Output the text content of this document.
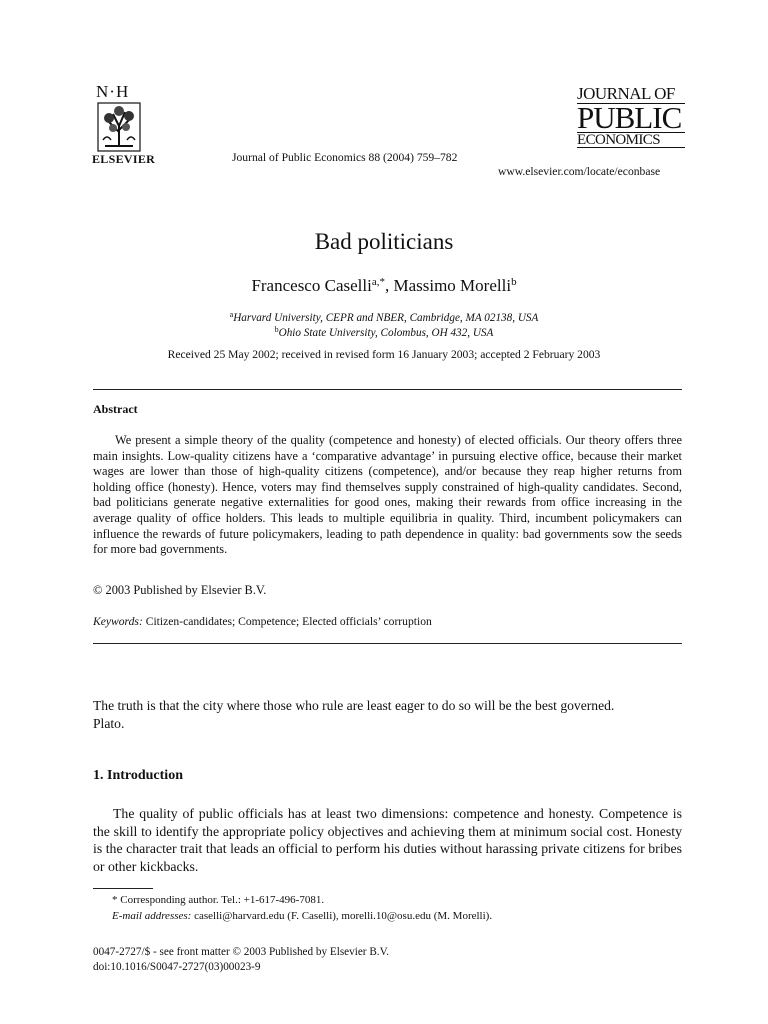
N·H
ELSEVIER	Journal of Public Economics 88 (2004) 759–782
JOURNAL OF
PUBLIC
ECONOMICS
www.elsevier.com/locate/econbase
Bad politicians
Francesco Caselli$^{a,*}$, Massimo Morelli$^b$
$^a$Harvard University, CEPR and NBER, Cambridge, MA 02138, USA
$^b$Ohio State University, Colombus, OH 432, USA
Received 25 May 2002; received in revised form 16 January 2003; accepted 2 February 2003
Abstract
We present a simple theory of the quality (competence and honesty) of elected officials. Our theory offers three main insights. Low-quality citizens have a ‘comparative advantage’ in pursuing elective office, because their market wages are lower than those of high-quality citizens (competence), and/or because they reap higher returns from holding office (honesty). Hence, voters may find themselves supply constrained of high-quality candidates. Second, bad politicians generate negative externalities for good ones, making their rewards from office increasing in the average quality of office holders. This leads to multiple equilibria in quality. Third, incumbent policymakers can influence the rewards of future policymakers, leading to path dependence in quality: bad governments sow the seeds for more bad governments.
© 2003 Published by Elsevier B.V.
Keywords: Citizen-candidates; Competence; Elected officials’ corruption
The truth is that the city where those who rule are least eager to do so will be the best governed.
Plato.
1. Introduction
The quality of public officials has at least two dimensions: competence and honesty. Competence is the skill to identify the appropriate policy objectives and achieving them at minimum social cost. Honesty is the character trait that leads an official to perform his duties without harassing private citizens for bribes or other kickbacks.
* Corresponding author. Tel.: +1-617-496-7081.
E-mail addresses: caselli@harvard.edu (F. Caselli), morelli.10@osu.edu (M. Morelli).
0047-2727/$ - see front matter © 2003 Published by Elsevier B.V.
doi:10.1016/S0047-2727(03)00023-9
